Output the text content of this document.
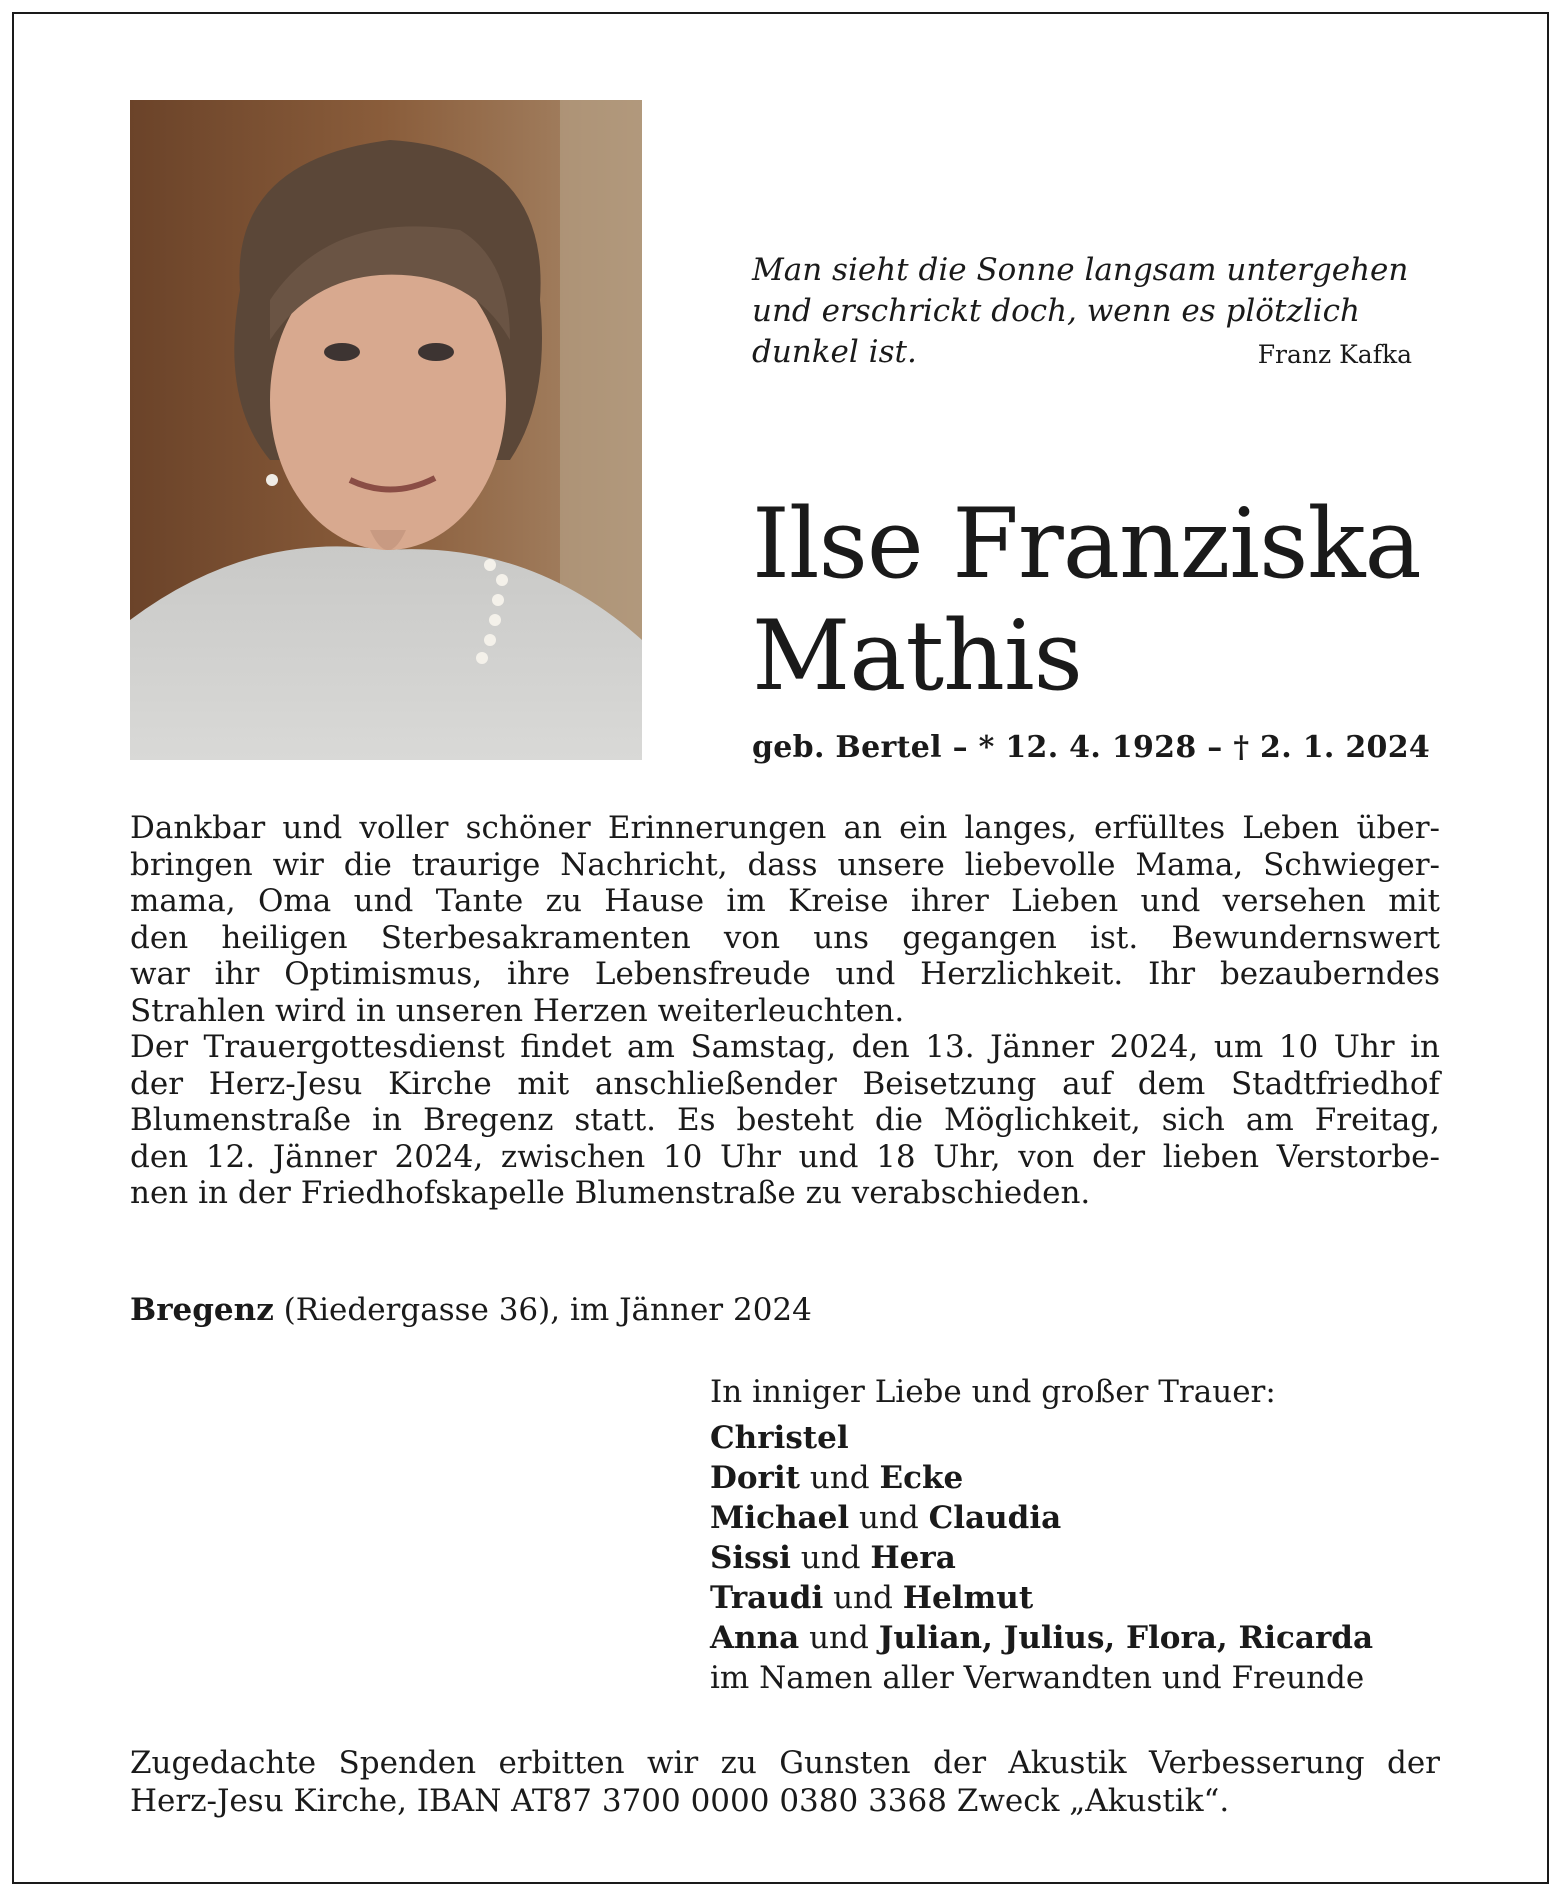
Man sieht die Sonne langsam untergehen
und erschrickt doch, wenn es plötzlich
dunkel ist.	Franz Kafka
Ilse Franziska
Mathis
geb. Bertel – * 12. 4. 1928 – † 2. 1. 2024
Dankbar und voller schöner Erinnerungen an ein langes, erfülltes Leben über-
bringen wir die traurige Nachricht, dass unsere liebevolle Mama, Schwieger-
mama, Oma und Tante zu Hause im Kreise ihrer Lieben und versehen mit
den heiligen Sterbesakramenten von uns gegangen ist. Bewundernswert
war ihr Optimismus, ihre Lebensfreude und Herzlichkeit. Ihr bezauberndes
Strahlen wird in unseren Herzen weiterleuchten.
Der Trauergottesdienst findet am Samstag, den 13. Jänner 2024, um 10 Uhr in
der Herz-Jesu Kirche mit anschließender Beisetzung auf dem Stadtfriedhof
Blumenstraße in Bregenz statt. Es besteht die Möglichkeit, sich am Freitag,
den 12. Jänner 2024, zwischen 10 Uhr und 18 Uhr, von der lieben Verstorbe-
nen in der Friedhofskapelle Blumenstraße zu verabschieden.
Bregenz (Riedergasse 36), im Jänner 2024
In inniger Liebe und großer Trauer:
Christel
Dorit und Ecke
Michael und Claudia
Sissi und Hera
Traudi und Helmut
Anna und Julian, Julius, Flora, Ricarda
im Namen aller Verwandten und Freunde
Zugedachte Spenden erbitten wir zu Gunsten der Akustik Verbesserung der
Herz-Jesu Kirche, IBAN AT87 3700 0000 0380 3368 Zweck „Akustik“.
